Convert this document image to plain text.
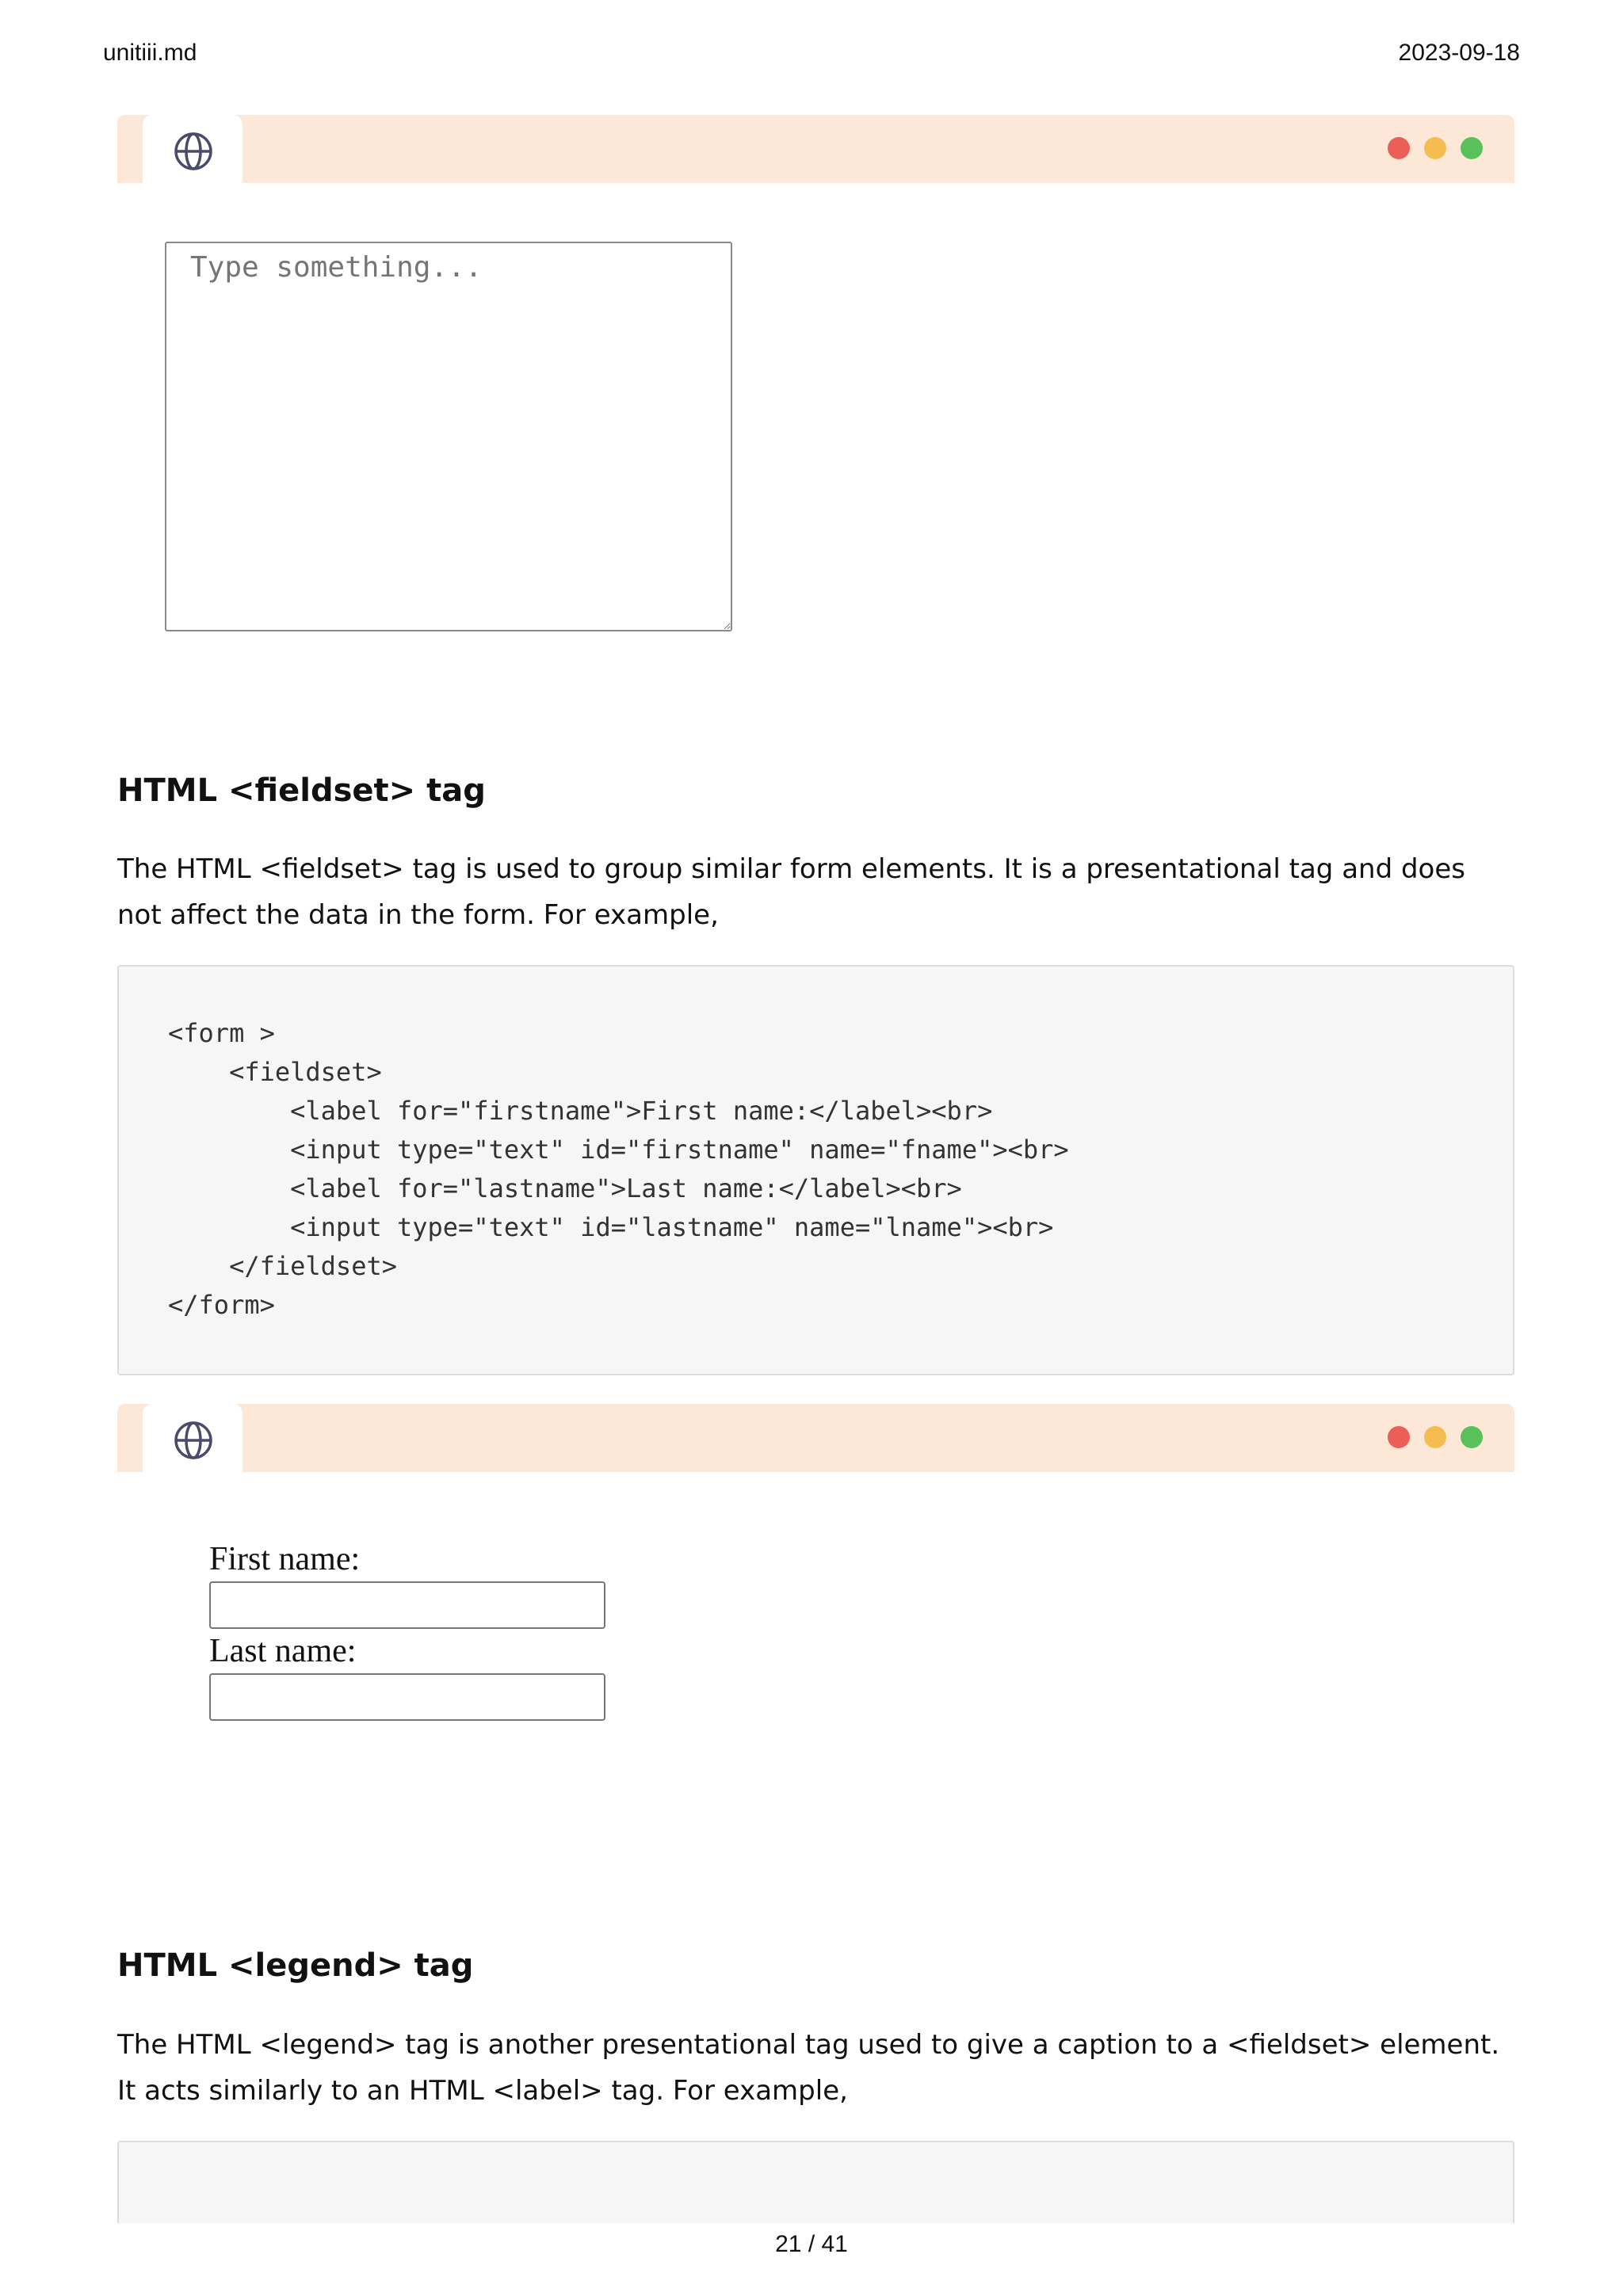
unitiii.md	2023-09-18
Type something...
HTML <fieldset> tag

The HTML <fieldset> tag is used to group similar form elements. It is a presentational tag and does not affect the data in the form. For example,

<form >
<fieldset>
<label for="firstname">First name:</label><br>
<input type="text" id="firstname" name="fname"><br>
<label for="lastname">Last name:</label><br>
<input type="text" id="lastname" name="lname"><br>
</fieldset>
</form>
First name:
Last name:
HTML <legend> tag

The HTML <legend> tag is another presentational tag used to give a caption to a <fieldset> element. It acts similarly to an HTML <label> tag. For example,

21 / 41
